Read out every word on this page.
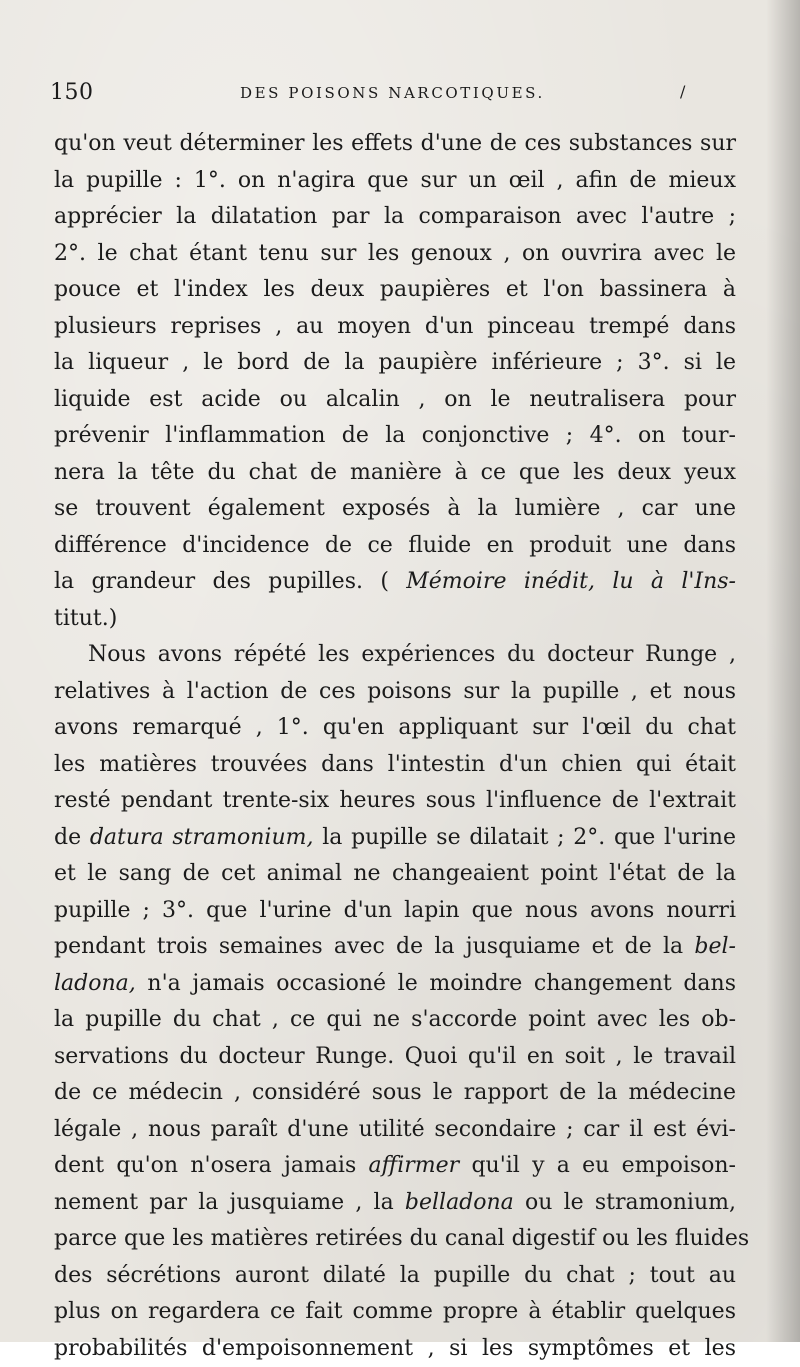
150	DES POISONS NARCOTIQUES.	/
qu'on veut déterminer les effets d'une de ces substances sur
la pupille : 1°. on n'agira que sur un œil , afin de mieux
apprécier la dilatation par la comparaison avec l'autre ;
2°. le chat étant tenu sur les genoux , on ouvrira avec le
pouce et l'index les deux paupières et l'on bassinera à
plusieurs reprises , au moyen d'un pinceau trempé dans
la liqueur , le bord de la paupière inférieure ; 3°. si le
liquide est acide ou alcalin , on le neutralisera pour
prévenir l'inflammation de la conjonctive ; 4°. on tour-
nera la tête du chat de manière à ce que les deux yeux
se trouvent également exposés à la lumière , car une
différence d'incidence de ce fluide en produit une dans
la grandeur des pupilles. ( Mémoire inédit, lu à l'Ins-
titut.)
Nous avons répété les expériences du docteur Runge ,
relatives à l'action de ces poisons sur la pupille , et nous
avons remarqué , 1°. qu'en appliquant sur l'œil du chat
les matières trouvées dans l'intestin d'un chien qui était
resté pendant trente-six heures sous l'influence de l'extrait
de datura stramonium, la pupille se dilatait ; 2°. que l'urine
et le sang de cet animal ne changeaient point l'état de la
pupille ; 3°. que l'urine d'un lapin que nous avons nourri
pendant trois semaines avec de la jusquiame et de la bel-
ladona, n'a jamais occasioné le moindre changement dans
la pupille du chat , ce qui ne s'accorde point avec les ob-
servations du docteur Runge. Quoi qu'il en soit , le travail
de ce médecin , considéré sous le rapport de la médecine
légale , nous paraît d'une utilité secondaire ; car il est évi-
dent qu'on n'osera jamais affirmer qu'il y a eu empoison-
nement par la jusquiame , la belladona ou le stramonium,
parce que les matières retirées du canal digestif ou les fluides
des sécrétions auront dilaté la pupille du chat ; tout au
plus on regardera ce fait comme propre à établir quelques
probabilités d'empoisonnement , si les symptômes et les
